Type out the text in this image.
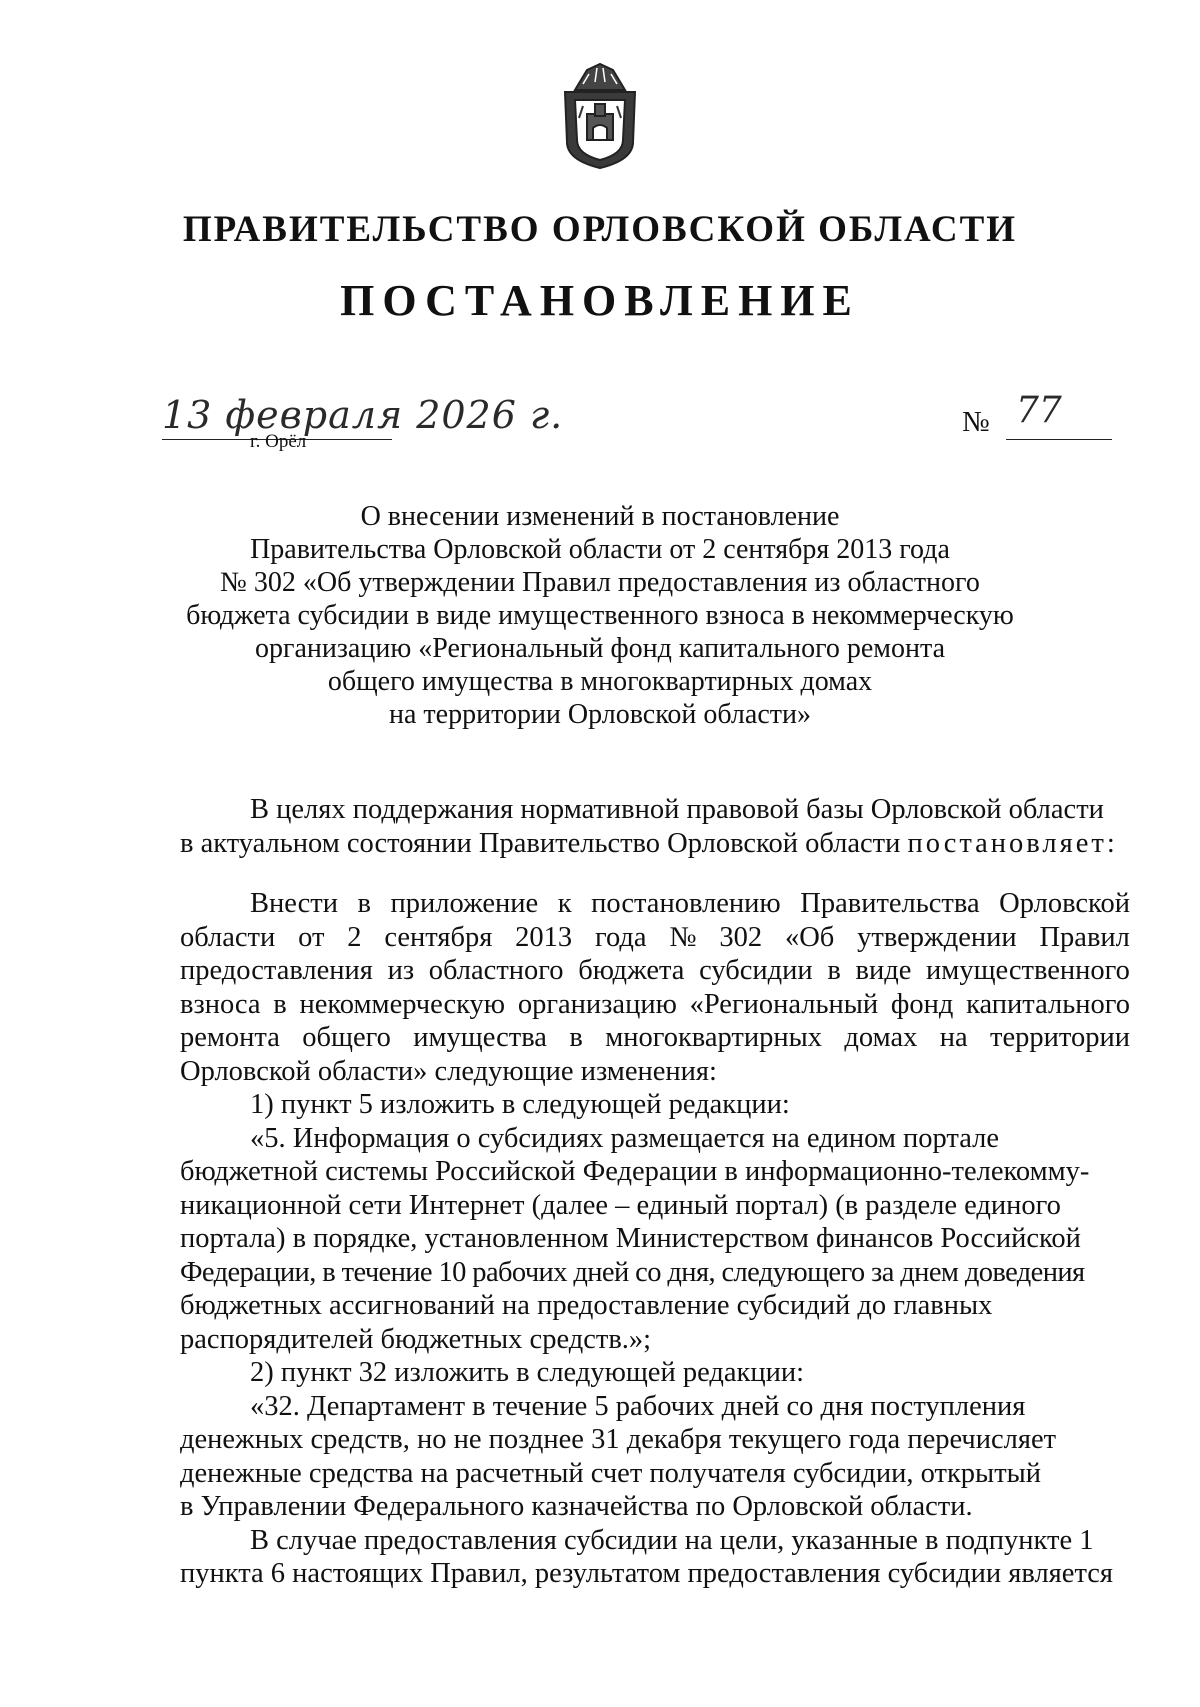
ПРАВИТЕЛЬСТВО ОРЛОВСКОЙ ОБЛАСТИ
ПОСТАНОВЛЕНИЕ
13 февраля 2026 г.
г. Орёл
№ 77
О внесении изменений в постановление
Правительства Орловской области от 2 сентября 2013 года
№ 302 «Об утверждении Правил предоставления из областного
бюджета субсидии в виде имущественного взноса в некоммерческую
организацию «Региональный фонд капитального ремонта
общего имущества в многоквартирных домах
на территории Орловской области»
В целях поддержания нормативной правовой базы Орловской области
в актуальном состоянии Правительство Орловской области постановляет:
Внести в приложение к постановлению Правительства Орловской
области от 2 сентября 2013 года № 302 «Об утверждении Правил
предоставления из областного бюджета субсидии в виде имущественного
взноса в некоммерческую организацию «Региональный фонд капитального
ремонта общего имущества в многоквартирных домах на территории
Орловской области» следующие изменения:
1) пункт 5 изложить в следующей редакции:
«5. Информация о субсидиях размещается на едином портале
бюджетной системы Российской Федерации в информационно-телекомму-
никационной сети Интернет (далее – единый портал) (в разделе единого
портала) в порядке, установленном Министерством финансов Российской
Федерации, в течение 10 рабочих дней со дня, следующего за днем доведения
бюджетных ассигнований на предоставление субсидий до главных
распорядителей бюджетных средств.»;
2) пункт 32 изложить в следующей редакции:
«32. Департамент в течение 5 рабочих дней со дня поступления
денежных средств, но не позднее 31 декабря текущего года перечисляет
денежные средства на расчетный счет получателя субсидии, открытый
в Управлении Федерального казначейства по Орловской области.
В случае предоставления субсидии на цели, указанные в подпункте 1
пункта 6 настоящих Правил, результатом предоставления субсидии является
